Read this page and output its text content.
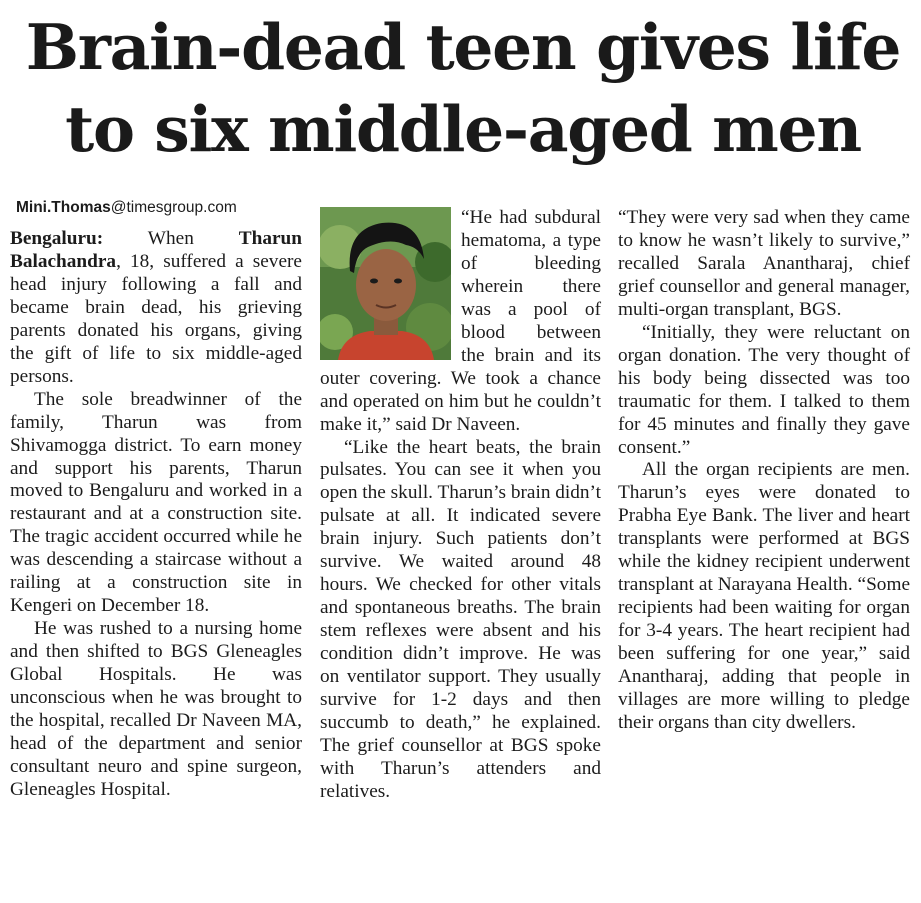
Brain-dead teen gives life
to six middle-aged men
Mini.Thomas@timesgroup.com

Bengaluru: When Tharun Balachandra, 18, suffered a severe head injury following a fall and became brain dead, his grieving parents donated his organs, giving the gift of life to six middle-aged persons.

The sole breadwinner of the family, Tharun was from Shivamogga district. To earn money and support his parents, Tharun moved to Bengaluru and worked in a restaurant and at a construction site. The tragic accident occurred while he was descending a staircase without a railing at a construction site in Kengeri on December 18.

He was rushed to a nursing home and then shifted to BGS Gleneagles Global Hospitals. He was unconscious when he was brought to the hospital, recalled Dr Naveen MA, head of the department and senior consultant neuro and spine surgeon, Gleneagles Hospital.

“He had subdural hematoma, a type of bleeding wherein there was a pool of blood between the brain and its outer covering. We took a chance and operated on him but he couldn’t make it,” said Dr Naveen.

“Like the heart beats, the brain pulsates. You can see it when you open the skull. Tharun’s brain didn’t pulsate at all. It indicated severe brain injury. Such patients don’t survive. We waited around 48 hours. We checked for other vitals and spontaneous breaths. The brain stem reflexes were absent and his condition didn’t improve. He was on ventilator support. They usually survive for 1-2 days and then succumb to death,” he explained. The grief counsellor at BGS spoke with Tharun’s attenders and relatives.

“They were very sad when they came to know he wasn’t likely to survive,” recalled Sarala Anantharaj, chief grief counsellor and general manager, multi-organ transplant, BGS.

“Initially, they were reluctant on organ donation. The very thought of his body being dissected was too traumatic for them. I talked to them for 45 minutes and finally they gave consent.”

All the organ recipients are men. Tharun’s eyes were donated to Prabha Eye Bank. The liver and heart transplants were performed at BGS while the kidney recipient underwent transplant at Narayana Health. “Some recipients had been waiting for organ for 3-4 years. The heart recipient had been suffering for one year,” said Anantharaj, adding that people in villages are more willing to pledge their organs than city dwellers.
